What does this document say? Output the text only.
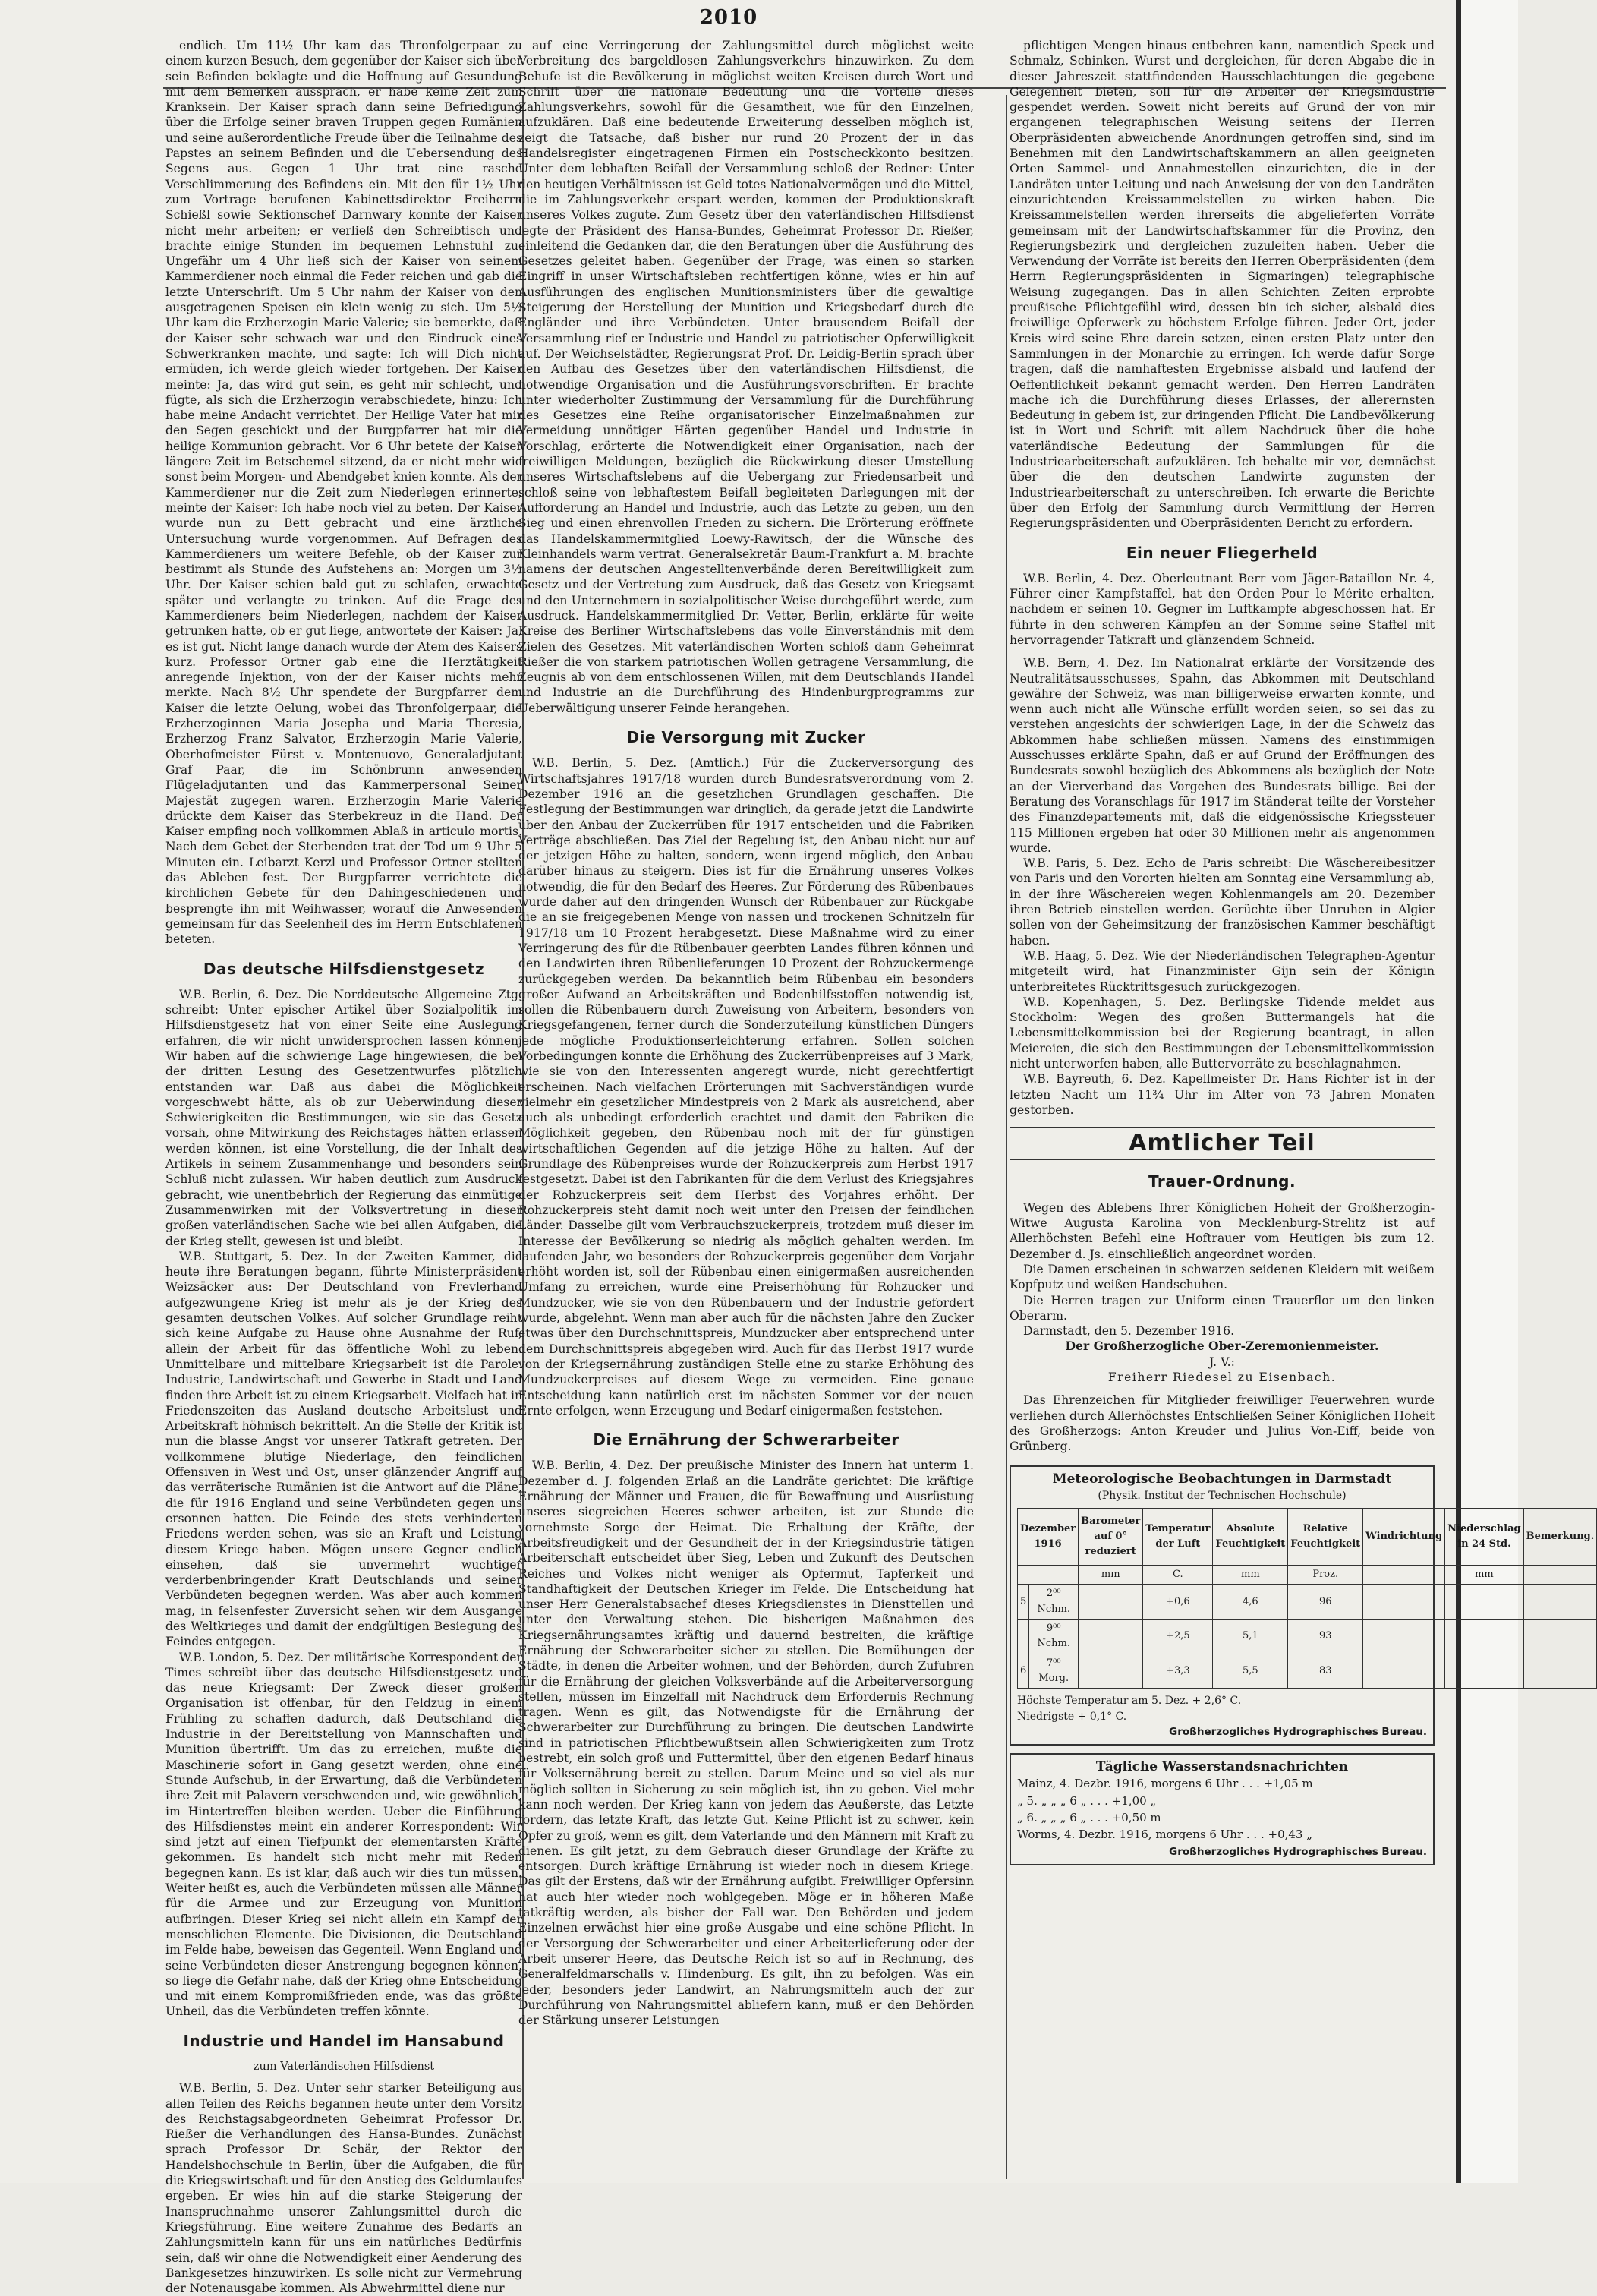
2010

endlich. Um 11½ Uhr kam das Thronfolgerpaar zu einem kurzen Besuch, dem gegenüber der Kaiser sich über sein Befinden beklagte und die Hoffnung auf Gesundung mit dem Bemerken aussprach, er habe keine Zeit zum Kranksein. Der Kaiser sprach dann seine Befriedigung über die Erfolge seiner braven Truppen gegen Rumänien und seine außerordentliche Freude über die Teilnahme des Papstes an seinem Befinden und die Uebersendung des Segens aus. Gegen 1 Uhr trat eine rasche Verschlimmerung des Befindens ein. Mit den für 1½ Uhr zum Vortrage berufenen Kabinettsdirektor Freiherrn Schießl sowie Sektionschef Darnwary konnte der Kaiser nicht mehr arbeiten; er verließ den Schreibtisch und brachte einige Stunden im bequemen Lehnstuhl zu. Ungefähr um 4 Uhr ließ sich der Kaiser von seinem Kammerdiener noch einmal die Feder reichen und gab die letzte Unterschrift. Um 5 Uhr nahm der Kaiser von den ausgetragenen Speisen ein klein wenig zu sich. Um 5½ Uhr kam die Erzherzogin Marie Valerie; sie bemerkte, daß der Kaiser sehr schwach war und den Eindruck eines Schwerkranken machte, und sagte: Ich will Dich nicht ermüden, ich werde gleich wieder fortgehen. Der Kaiser meinte: Ja, das wird gut sein, es geht mir schlecht, und fügte, als sich die Erzherzogin verabschiedete, hinzu: Ich habe meine Andacht verrichtet. Der Heilige Vater hat mir den Segen geschickt und der Burgpfarrer hat mir die heilige Kommunion gebracht. Vor 6 Uhr betete der Kaiser längere Zeit im Betschemel sitzend, da er nicht mehr wie sonst beim Morgen- und Abendgebet knien konnte. Als der Kammerdiener nur die Zeit zum Niederlegen erinnerte, meinte der Kaiser: Ich habe noch viel zu beten. Der Kaiser wurde nun zu Bett gebracht und eine ärztliche Untersuchung wurde vorgenommen. Auf Befragen des Kammerdieners um weitere Befehle, ob der Kaiser zur bestimmt als Stunde des Aufstehens an: Morgen um 3½ Uhr. Der Kaiser schien bald gut zu schlafen, erwachte später und verlangte zu trinken. Auf die Frage des Kammerdieners beim Niederlegen, nachdem der Kaiser getrunken hatte, ob er gut liege, antwortete der Kaiser: Ja, es ist gut. Nicht lange danach wurde der Atem des Kaisers kurz. Professor Ortner gab eine die Herztätigkeit anregende Injektion, von der der Kaiser nichts mehr merkte. Nach 8½ Uhr spendete der Burgpfarrer dem Kaiser die letzte Oelung, wobei das Thronfolgerpaar, die Erzherzoginnen Maria Josepha und Maria Theresia, Erzherzog Franz Salvator, Erzherzogin Marie Valerie, Oberhofmeister Fürst v. Montenuovo, Generaladjutant Graf Paar, die im Schönbrunn anwesenden Flügeladjutanten und das Kammerpersonal Seiner Majestät zugegen waren. Erzherzogin Marie Valerie drückte dem Kaiser das Sterbekreuz in die Hand. Der Kaiser empfing noch vollkommen Ablaß in articulo mortis. Nach dem Gebet der Sterbenden trat der Tod um 9 Uhr 5 Minuten ein. Leibarzt Kerzl und Professor Ortner stellten das Ableben fest. Der Burgpfarrer verrichtete die kirchlichen Gebete für den Dahingeschiedenen und besprengte ihn mit Weihwasser, worauf die Anwesenden gemeinsam für das Seelenheil des im Herrn Entschlafenen beteten.

Das deutsche Hilfsdienstgesetz

W.B. Berlin, 6. Dez. Die Norddeutsche Allgemeine Ztg. schreibt: Unter epischer Artikel über Sozialpolitik im Hilfsdienstgesetz hat von einer Seite eine Auslegung erfahren, die wir nicht unwidersprochen lassen können. Wir haben auf die schwierige Lage hingewiesen, die bei der dritten Lesung des Gesetzentwurfes plötzlich entstanden war. Daß aus dabei die Möglichkeit vorgeschwebt hätte, als ob zur Ueberwindung dieser Schwierigkeiten die Bestimmungen, wie sie das Gesetz vorsah, ohne Mitwirkung des Reichstages hätten erlassen werden können, ist eine Vorstellung, die der Inhalt des Artikels in seinem Zusammenhange und besonders sein Schluß nicht zulassen. Wir haben deutlich zum Ausdruck gebracht, wie unentbehrlich der Regierung das einmütige Zusammenwirken mit der Volksvertretung in dieser großen vaterländischen Sache wie bei allen Aufgaben, die der Krieg stellt, gewesen ist und bleibt.

W.B. Stuttgart, 5. Dez. In der Zweiten Kammer, die heute ihre Beratungen begann, führte Ministerpräsident Weizsäcker aus: Der Deutschland von Frevlerhand aufgezwungene Krieg ist mehr als je der Krieg des gesamten deutschen Volkes. Auf solcher Grundlage reiht sich keine Aufgabe zu Hause ohne Ausnahme der Ruf, allein der Arbeit für das öffentliche Wohl zu leben. Unmittelbare und mittelbare Kriegsarbeit ist die Parole. Industrie, Landwirtschaft und Gewerbe in Stadt und Land finden ihre Arbeit ist zu einem Kriegsarbeit. Vielfach hat in Friedenszeiten das Ausland deutsche Arbeitslust und Arbeitskraft höhnisch bekrittelt. An die Stelle der Kritik ist nun die blasse Angst vor unserer Tatkraft getreten. Der vollkommene blutige Niederlage, den feindlichen Offensiven in West und Ost, unser glänzender Angriff auf das verräterische Rumänien ist die Antwort auf die Pläne, die für 1916 England und seine Verbündeten gegen uns ersonnen hatten. Die Feinde des stets verhinderten Friedens werden sehen, was sie an Kraft und Leistung diesem Kriege haben. Mögen unsere Gegner endlich einsehen, daß sie unvermehrt wuchtiger verderbenbringender Kraft Deutschlands und seiner Verbündeten begegnen werden. Was aber auch kommen mag, in felsenfester Zuversicht sehen wir dem Ausgange des Weltkrieges und damit der endgültigen Besiegung des Feindes entgegen.

W.B. London, 5. Dez. Der militärische Korrespondent der Times schreibt über das deutsche Hilfsdienstgesetz und das neue Kriegsamt: Der Zweck dieser großen Organisation ist offenbar, für den Feldzug in einem Frühling zu schaffen dadurch, daß Deutschland die Industrie in der Bereitstellung von Mannschaften und Munition übertrifft. Um das zu erreichen, mußte die Maschinerie sofort in Gang gesetzt werden, ohne eine Stunde Aufschub, in der Erwartung, daß die Verbündeten ihre Zeit mit Palavern verschwenden und, wie gewöhnlich, im Hintertreffen bleiben werden. Ueber die Einführung des Hilfsdienstes meint ein anderer Korrespondent: Wir sind jetzt auf einen Tiefpunkt der elementarsten Kräfte gekommen. Es handelt sich nicht mehr mit Reden begegnen kann. Es ist klar, daß auch wir dies tun müssen. Weiter heißt es, auch die Verbündeten müssen alle Männer für die Armee und zur Erzeugung von Munition aufbringen. Dieser Krieg sei nicht allein ein Kampf der menschlichen Elemente. Die Divisionen, die Deutschland im Felde habe, beweisen das Gegenteil. Wenn England und seine Verbündeten dieser Anstrengung begegnen können, so liege die Gefahr nahe, daß der Krieg ohne Entscheidung und mit einem Kompromißfrieden ende, was das größte Unheil, das die Verbündeten treffen könnte.

Industrie und Handel im Hansabund
zum Vaterländischen Hilfsdienst

W.B. Berlin, 5. Dez. Unter sehr starker Beteiligung aus allen Teilen des Reichs begannen heute unter dem Vorsitz des Reichstagsabgeordneten Geheimrat Professor Dr. Rießer die Verhandlungen des Hansa-Bundes. Zunächst sprach Professor Dr. Schär, der Rektor der Handelshochschule in Berlin, über die Aufgaben, die für die Kriegswirtschaft und für den Anstieg des Geldumlaufes ergeben. Er wies hin auf die starke Steigerung der Inanspruchnahme unserer Zahlungsmittel durch die Kriegsführung. Eine weitere Zunahme des Bedarfs an Zahlungsmitteln kann für uns ein natürliches Bedürfnis sein, daß wir ohne die Notwendigkeit einer Aenderung des Bankgesetzes hinzuwirken. Es solle nicht zur Vermehrung der Notenausgabe kommen. Als Abwehrmittel diene nur

auf eine Verringerung der Zahlungsmittel durch möglichst weite Verbreitung des bargeldlosen Zahlungsverkehrs hinzuwirken. Zu dem Behufe ist die Bevölkerung in möglichst weiten Kreisen durch Wort und Schrift über die nationale Bedeutung und die Vorteile dieses Zahlungsverkehrs, sowohl für die Gesamtheit, wie für den Einzelnen, aufzuklären. Daß eine bedeutende Erweiterung desselben möglich ist, zeigt die Tatsache, daß bisher nur rund 20 Prozent der in das Handelsregister eingetragenen Firmen ein Postscheckkonto besitzen. Unter dem lebhaften Beifall der Versammlung schloß der Redner: Unter den heutigen Verhältnissen ist Geld totes Nationalvermögen und die Mittel, die im Zahlungsverkehr erspart werden, kommen der Produktionskraft unseres Volkes zugute. Zum Gesetz über den vaterländischen Hilfsdienst legte der Präsident des Hansa-Bundes, Geheimrat Professor Dr. Rießer, einleitend die Gedanken dar, die den Beratungen über die Ausführung des Gesetzes geleitet haben. Gegenüber der Frage, was einen so starken Eingriff in unser Wirtschaftsleben rechtfertigen könne, wies er hin auf Ausführungen des englischen Munitionsministers über die gewaltige Steigerung der Herstellung der Munition und Kriegsbedarf durch die Engländer und ihre Verbündeten. Unter brausendem Beifall der Versammlung rief er Industrie und Handel zu patriotischer Opferwilligkeit auf. Der Weichselstädter, Regierungsrat Prof. Dr. Leidig-Berlin sprach über den Aufbau des Gesetzes über den vaterländischen Hilfsdienst, die notwendige Organisation und die Ausführungsvorschriften. Er brachte unter wiederholter Zustimmung der Versammlung für die Durchführung des Gesetzes eine Reihe organisatorischer Einzelmaßnahmen zur Vermeidung unnötiger Härten gegenüber Handel und Industrie in Vorschlag, erörterte die Notwendigkeit einer Organisation, nach der freiwilligen Meldungen, bezüglich die Rückwirkung dieser Umstellung unseres Wirtschaftslebens auf die Uebergang zur Friedensarbeit und schloß seine von lebhaftestem Beifall begleiteten Darlegungen mit der Aufforderung an Handel und Industrie, auch das Letzte zu geben, um den Sieg und einen ehrenvollen Frieden zu sichern. Die Erörterung eröffnete das Handelskammermitglied Loewy-Rawitsch, der die Wünsche des Kleinhandels warm vertrat. Generalsekretär Baum-Frankfurt a. M. brachte namens der deutschen Angestelltenverbände deren Bereitwilligkeit zum Gesetz und der Vertretung zum Ausdruck, daß das Gesetz von Kriegsamt und den Unternehmern in sozialpolitischer Weise durchgeführt werde, zum Ausdruck. Handelskammermitglied Dr. Vetter, Berlin, erklärte für weite Kreise des Berliner Wirtschaftslebens das volle Einverständnis mit dem Zielen des Gesetzes. Mit vaterländischen Worten schloß dann Geheimrat Rießer die von starkem patriotischen Wollen getragene Versammlung, die Zeugnis ab von dem entschlossenen Willen, mit dem Deutschlands Handel und Industrie an die Durchführung des Hindenburgprogramms zur Ueberwältigung unserer Feinde herangehen.

Die Versorgung mit Zucker

W.B. Berlin, 5. Dez. (Amtlich.) Für die Zuckerversorgung des Wirtschaftsjahres 1917/18 wurden durch Bundesratsverordnung vom 2. Dezember 1916 an die gesetzlichen Grundlagen geschaffen. Die Festlegung der Bestimmungen war dringlich, da gerade jetzt die Landwirte über den Anbau der Zuckerrüben für 1917 entscheiden und die Fabriken Verträge abschließen. Das Ziel der Regelung ist, den Anbau nicht nur auf der jetzigen Höhe zu halten, sondern, wenn irgend möglich, den Anbau darüber hinaus zu steigern. Dies ist für die Ernährung unseres Volkes notwendig, die für den Bedarf des Heeres. Zur Förderung des Rübenbaues wurde daher auf den dringenden Wunsch der Rübenbauer zur Rückgabe die an sie freigegebenen Menge von nassen und trockenen Schnitzeln für 1917/18 um 10 Prozent herabgesetzt. Diese Maßnahme wird zu einer Verringerung des für die Rübenbauer geerbten Landes führen können und den Landwirten ihren Rübenlieferungen 10 Prozent der Rohzuckermenge zurückgegeben werden. Da bekanntlich beim Rübenbau ein besonders großer Aufwand an Arbeitskräften und Bodenhilfsstoffen notwendig ist, sollen die Rübenbauern durch Zuweisung von Arbeitern, besonders von Kriegsgefangenen, ferner durch die Sonderzuteilung künstlichen Düngers jede mögliche Produktionserleichterung erfahren. Sollen solchen Vorbedingungen konnte die Erhöhung des Zuckerrübenpreises auf 3 Mark, wie sie von den Interessenten angeregt wurde, nicht gerechtfertigt erscheinen. Nach vielfachen Erörterungen mit Sachverständigen wurde vielmehr ein gesetzlicher Mindestpreis von 2 Mark als ausreichend, aber auch als unbedingt erforderlich erachtet und damit den Fabriken die Möglichkeit gegeben, den Rübenbau noch mit der für günstigen wirtschaftlichen Gegenden auf die jetzige Höhe zu halten. Auf der Grundlage des Rübenpreises wurde der Rohzuckerpreis zum Herbst 1917 festgesetzt. Dabei ist den Fabrikanten für die dem Verlust des Kriegsjahres der Rohzuckerpreis seit dem Herbst des Vorjahres erhöht. Der Rohzuckerpreis steht damit noch weit unter den Preisen der feindlichen Länder. Dasselbe gilt vom Verbrauchszuckerpreis, trotzdem muß dieser im Interesse der Bevölkerung so niedrig als möglich gehalten werden. Im laufenden Jahr, wo besonders der Rohzuckerpreis gegenüber dem Vorjahr erhöht worden ist, soll der Rübenbau einen einigermaßen ausreichenden Umfang zu erreichen, wurde eine Preiserhöhung für Rohzucker und Mundzucker, wie sie von den Rübenbauern und der Industrie gefordert wurde, abgelehnt. Wenn man aber auch für die nächsten Jahre den Zucker etwas über den Durchschnittspreis, Mundzucker aber entsprechend unter dem Durchschnittspreis abgegeben wird. Auch für das Herbst 1917 wurde von der Kriegsernährung zuständigen Stelle eine zu starke Erhöhung des Mundzuckerpreises auf diesem Wege zu vermeiden. Eine genaue Entscheidung kann natürlich erst im nächsten Sommer vor der neuen Ernte erfolgen, wenn Erzeugung und Bedarf einigermaßen feststehen.

Die Ernährung der Schwerarbeiter

W.B. Berlin, 4. Dez. Der preußische Minister des Innern hat unterm 1. Dezember d. J. folgenden Erlaß an die Landräte gerichtet: Die kräftige Ernährung der Männer und Frauen, die für Bewaffnung und Ausrüstung unseres siegreichen Heeres schwer arbeiten, ist zur Stunde die vornehmste Sorge der Heimat. Die Erhaltung der Kräfte, der Arbeitsfreudigkeit und der Gesundheit der in der Kriegsindustrie tätigen Arbeiterschaft entscheidet über Sieg, Leben und Zukunft des Deutschen Reiches und Volkes nicht weniger als Opfermut, Tapferkeit und Standhaftigkeit der Deutschen Krieger im Felde. Die Entscheidung hat unser Herr Generalstabsachef dieses Kriegsdienstes in Diensttellen und unter den Verwaltung stehen. Die bisherigen Maßnahmen des Kriegsernährungsamtes kräftig und dauernd bestreiten, die kräftige Ernährung der Schwerarbeiter sicher zu stellen. Die Bemühungen der Städte, in denen die Arbeiter wohnen, und der Behörden, durch Zufuhren für die Ernährung der gleichen Volksverbände auf die Arbeiterversorgung stellen, müssen im Einzelfall mit Nachdruck dem Erfordernis Rechnung tragen. Wenn es gilt, das Notwendigste für die Ernährung der Schwerarbeiter zur Durchführung zu bringen. Die deutschen Landwirte sind in patriotischen Pflichtbewußtsein allen Schwierigkeiten zum Trotz bestrebt, ein solch groß und Futtermittel, über den eigenen Bedarf hinaus für Volksernährung bereit zu stellen. Darum Meine und so viel als nur möglich sollten in Sicherung zu sein möglich ist, ihn zu geben. Viel mehr kann noch werden. Der Krieg kann von jedem das Aeußerste, das Letzte fordern, das letzte Kraft, das letzte Gut. Keine Pflicht ist zu schwer, kein Opfer zu groß, wenn es gilt, dem Vaterlande und den Männern mit Kraft zu dienen. Es gilt jetzt, zu dem Gebrauch dieser Grundlage der Kräfte zu entsorgen. Durch kräftige Ernährung ist wieder noch in diesem Kriege. Das gilt der Erstens, daß wir der Ernährung aufgibt. Freiwilliger Opfersinn hat auch hier wieder noch wohlgegeben. Möge er in höheren Maße tatkräftig werden, als bisher der Fall war. Den Behörden und jedem Einzelnen erwächst hier eine große Ausgabe und eine schöne Pflicht. In der Versorgung der Schwerarbeiter und einer Arbeiterlieferung oder der Arbeit unserer Heere, das Deutsche Reich ist so auf in Rechnung, des Generalfeldmarschalls v. Hindenburg. Es gilt, ihn zu befolgen. Was ein jeder, besonders jeder Landwirt, an Nahrungsmitteln auch der zur Durchführung von Nahrungsmittel abliefern kann, muß er den Behörden der Stärkung unserer Leistungen

pflichtigen Mengen hinaus entbehren kann, namentlich Speck und Schmalz, Schinken, Wurst und dergleichen, für deren Abgabe die in dieser Jahreszeit stattfindenden Hausschlachtungen die gegebene Gelegenheit bieten, soll für die Arbeiter der Kriegsindustrie gespendet werden. Soweit nicht bereits auf Grund der von mir ergangenen telegraphischen Weisung seitens der Herren Oberpräsidenten abweichende Anordnungen getroffen sind, sind im Benehmen mit den Landwirtschaftskammern an allen geeigneten Orten Sammel- und Annahmestellen einzurichten, die in der Landräten unter Leitung und nach Anweisung der von den Landräten einzurichtenden Kreissammelstellen zu wirken haben. Die Kreissammelstellen werden ihrerseits die abgelieferten Vorräte gemeinsam mit der Landwirtschaftskammer für die Provinz, den Regierungsbezirk und dergleichen zuzuleiten haben. Ueber die Verwendung der Vorräte ist bereits den Herren Oberpräsidenten (dem Herrn Regierungspräsidenten in Sigmaringen) telegraphische Weisung zugegangen. Das in allen Schichten Zeiten erprobte preußische Pflichtgefühl wird, dessen bin ich sicher, alsbald dies freiwillige Opferwerk zu höchstem Erfolge führen. Jeder Ort, jeder Kreis wird seine Ehre darein setzen, einen ersten Platz unter den Sammlungen in der Monarchie zu erringen. Ich werde dafür Sorge tragen, daß die namhaftesten Ergebnisse alsbald und laufend der Oeffentlichkeit bekannt gemacht werden. Den Herren Landräten mache ich die Durchführung dieses Erlasses, der allerernsten Bedeutung in gebem ist, zur dringenden Pflicht. Die Landbevölkerung ist in Wort und Schrift mit allem Nachdruck über die hohe vaterländische Bedeutung der Sammlungen für die Industriearbeiterschaft aufzuklären. Ich behalte mir vor, demnächst über die den deutschen Landwirte zugunsten der Industriearbeiterschaft zu unterschreiben. Ich erwarte die Berichte über den Erfolg der Sammlung durch Vermittlung der Herren Regierungspräsidenten und Oberpräsidenten Bericht zu erfordern.

Ein neuer Fliegerheld

W.B. Berlin, 4. Dez. Oberleutnant Berr vom Jäger-Bataillon Nr. 4, Führer einer Kampfstaffel, hat den Orden Pour le Mérite erhalten, nachdem er seinen 10. Gegner im Luftkampfe abgeschossen hat. Er führte in den schweren Kämpfen an der Somme seine Staffel mit hervorragender Tatkraft und glänzendem Schneid.

W.B. Bern, 4. Dez. Im Nationalrat erklärte der Vorsitzende des Neutralitätsausschusses, Spahn, das Abkommen mit Deutschland gewähre der Schweiz, was man billigerweise erwarten konnte, und wenn auch nicht alle Wünsche erfüllt worden seien, so sei das zu verstehen angesichts der schwierigen Lage, in der die Schweiz das Abkommen habe schließen müssen. Namens des einstimmigen Ausschusses erklärte Spahn, daß er auf Grund der Eröffnungen des Bundesrats sowohl bezüglich des Abkommens als bezüglich der Note an der Vierverband das Vorgehen des Bundesrats billige. Bei der Beratung des Voranschlags für 1917 im Ständerat teilte der Vorsteher des Finanzdepartements mit, daß die eidgenössische Kriegssteuer 115 Millionen ergeben hat oder 30 Millionen mehr als angenommen wurde.

W.B. Paris, 5. Dez. Echo de Paris schreibt: Die Wäschereibesitzer von Paris und den Vororten hielten am Sonntag eine Versammlung ab, in der ihre Wäschereien wegen Kohlenmangels am 20. Dezember ihren Betrieb einstellen werden. Gerüchte über Unruhen in Algier sollen von der Geheimsitzung der französischen Kammer beschäftigt haben.

W.B. Haag, 5. Dez. Wie der Niederländischen Telegraphen-Agentur mitgeteilt wird, hat Finanzminister Gijn sein der Königin unterbreitetes Rücktrittsgesuch zurückgezogen.

W.B. Kopenhagen, 5. Dez. Berlingske Tidende meldet aus Stockholm: Wegen des großen Buttermangels hat die Lebensmittelkommission bei der Regierung beantragt, in allen Meiereien, die sich den Bestimmungen der Lebensmittelkommission nicht unterworfen haben, alle Buttervorräte zu beschlagnahmen.

W.B. Bayreuth, 6. Dez. Kapellmeister Dr. Hans Richter ist in der letzten Nacht um 11¾ Uhr im Alter von 73 Jahren Monaten gestorben.

Amtlicher Teil
Trauer-Ordnung.

Wegen des Ablebens Ihrer Königlichen Hoheit der Großherzogin-Witwe Augusta Karolina von Mecklenburg-Strelitz ist auf Allerhöchsten Befehl eine Hoftrauer vom Heutigen bis zum 12. Dezember d. Js. einschließlich angeordnet worden.

Die Damen erscheinen in schwarzen seidenen Kleidern mit weißem Kopfputz und weißen Handschuhen.

Die Herren tragen zur Uniform einen Trauerflor um den linken Oberarm.

Darmstadt, den 5. Dezember 1916.

Der Großherzogliche Ober-Zeremonienmeister.

J. V.:

Freiherr Riedesel zu Eisenbach.

Das Ehrenzeichen für Mitglieder freiwilliger Feuerwehren wurde verliehen durch Allerhöchstes Entschließen Seiner Königlichen Hoheit des Großherzogs: Anton Kreuder und Julius Von-Eiff, beide von Grünberg.

Meteorologische Beobachtungen in Darmstadt
(Physik. Institut der Technischen Hochschule)
Dezember 1916		Barometer auf 0° reduziert	Temperatur der Luft	Absolute Feuchtigkeit	Relative Feuchtigkeit	Windrichtung	Niederschlag in 24 Std.	Bemerkung.
		mm	C.	mm	Proz.		mm	
5	2⁰⁰ Nchm.		+0,6	4,6	96			
	9⁰⁰ Nchm.		+2,5	5,1	93			
6	7⁰⁰ Morg.		+3,3	5,5	83			
Höchste Temperatur am 5. Dez. + 2,6° C.
Niedrigste + 0,1° C.
Großherzogliches Hydrographisches Bureau.
Tägliche Wasserstandsnachrichten
Mainz, 4. Dezbr. 1916, morgens 6 Uhr . . . +1,05 m
„ 5. „ „ „ 6 „ . . . +1,00 „
„ 6. „ „ „ 6 „ . . . +0,50 m
Worms, 4. Dezbr. 1916, morgens 6 Uhr . . . +0,43 „
Großherzogliches Hydrographisches Bureau.
